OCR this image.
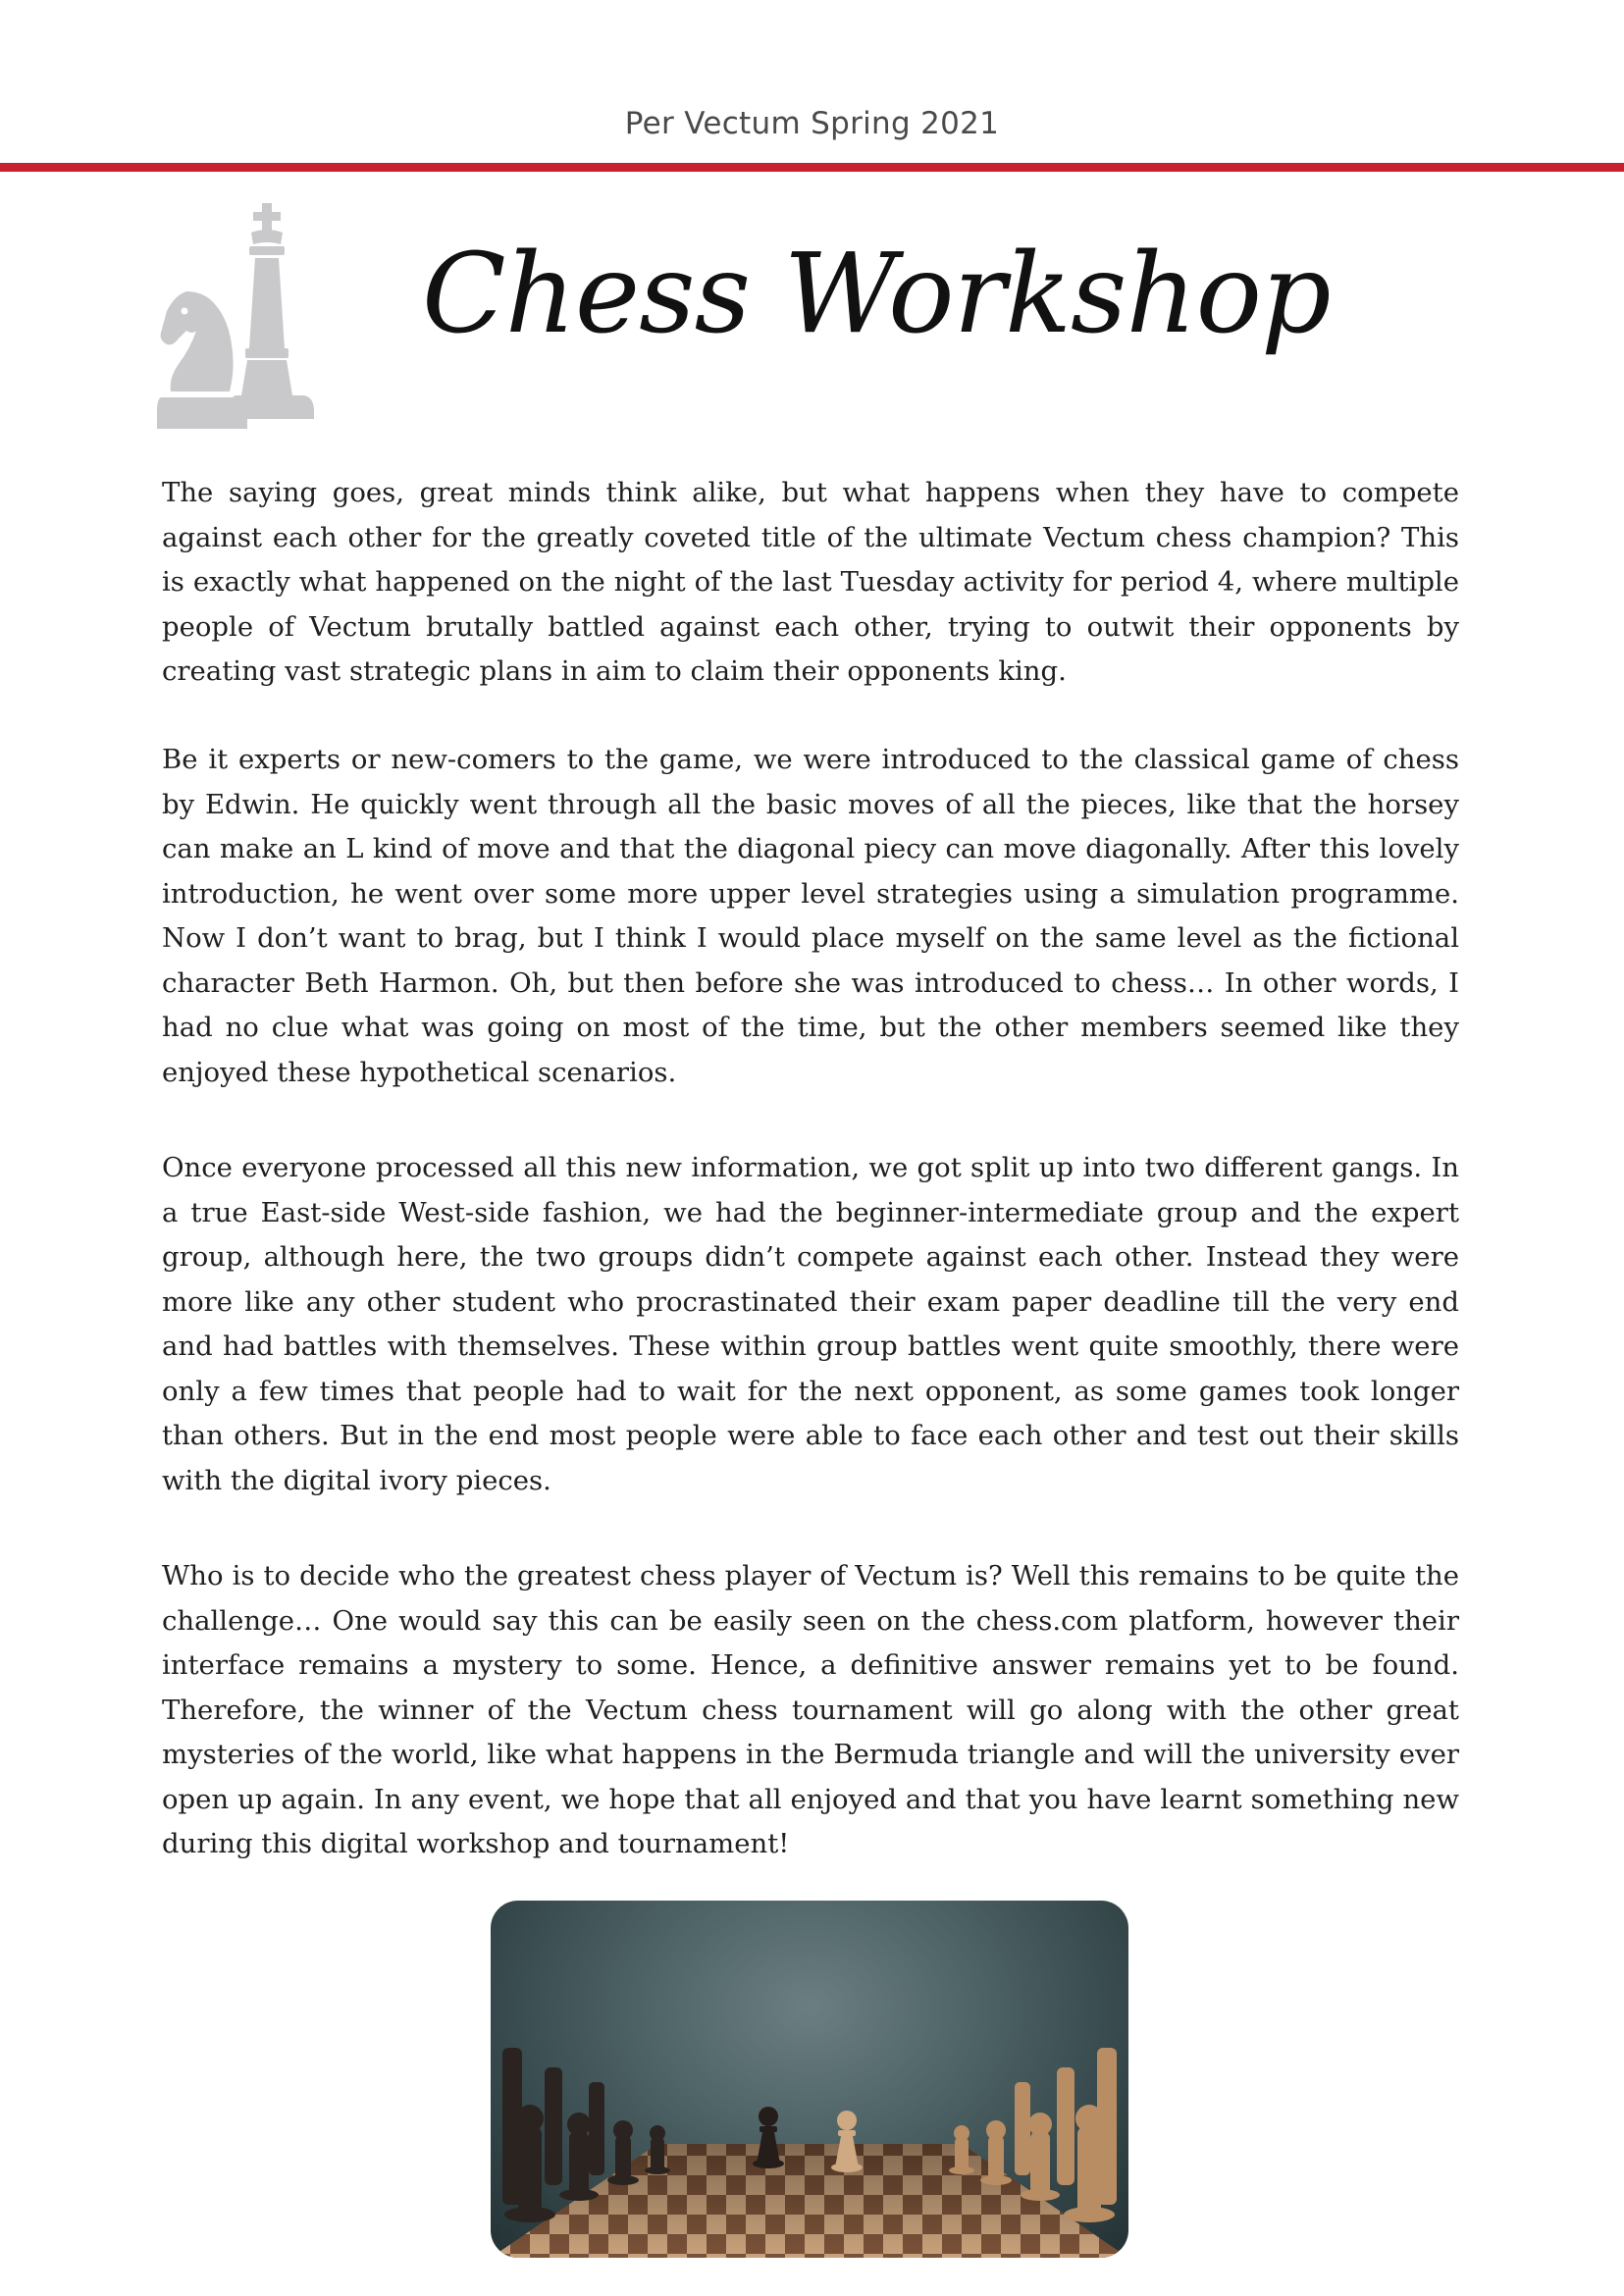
Per Vectum Spring 2021
Chess Workshop

The saying goes, great minds think alike, but what happens when they have to compete against each other for the greatly coveted title of the ultimate Vectum chess champion? This is exactly what happened on the night of the last Tuesday activity for period 4, where multiple people of Vectum brutally battled against each other, trying to outwit their opponents by creating vast strategic plans in aim to claim their opponents king.

Be it experts or new-comers to the game, we were introduced to the classical game of chess by Edwin. He quickly went through all the basic moves of all the pieces, like that the horsey can make an L kind of move and that the diagonal piecy can move diagonally. After this lovely introduction, he went over some more upper level strategies using a simulation programme. Now I don’t want to brag, but I think I would place myself on the same level as the fictional character Beth Harmon. Oh, but then before she was introduced to chess… In other words, I had no clue what was going on most of the time, but the other members seemed like they enjoyed these hypothetical scenarios.

Once everyone processed all this new information, we got split up into two different gangs. In a true East-side West-side fashion, we had the beginner-intermediate group and the expert group, although here, the two groups didn’t compete against each other. Instead they were more like any other student who procrastinated their exam paper deadline till the very end and had battles with themselves. These within group battles went quite smoothly, there were only a few times that people had to wait for the next opponent, as some games took longer than others. But in the end most people were able to face each other and test out their skills with the digital ivory pieces.

Who is to decide who the greatest chess player of Vectum is? Well this remains to be quite the challenge… One would say this can be easily seen on the chess.com platform, however their interface remains a mystery to some. Hence, a definitive answer remains yet to be found. Therefore, the winner of the Vectum chess tournament will go along with the other great mysteries of the world, like what happens in the Bermuda triangle and will the university ever open up again. In any event, we hope that all enjoyed and that you have learnt something new during this digital workshop and tournament!
